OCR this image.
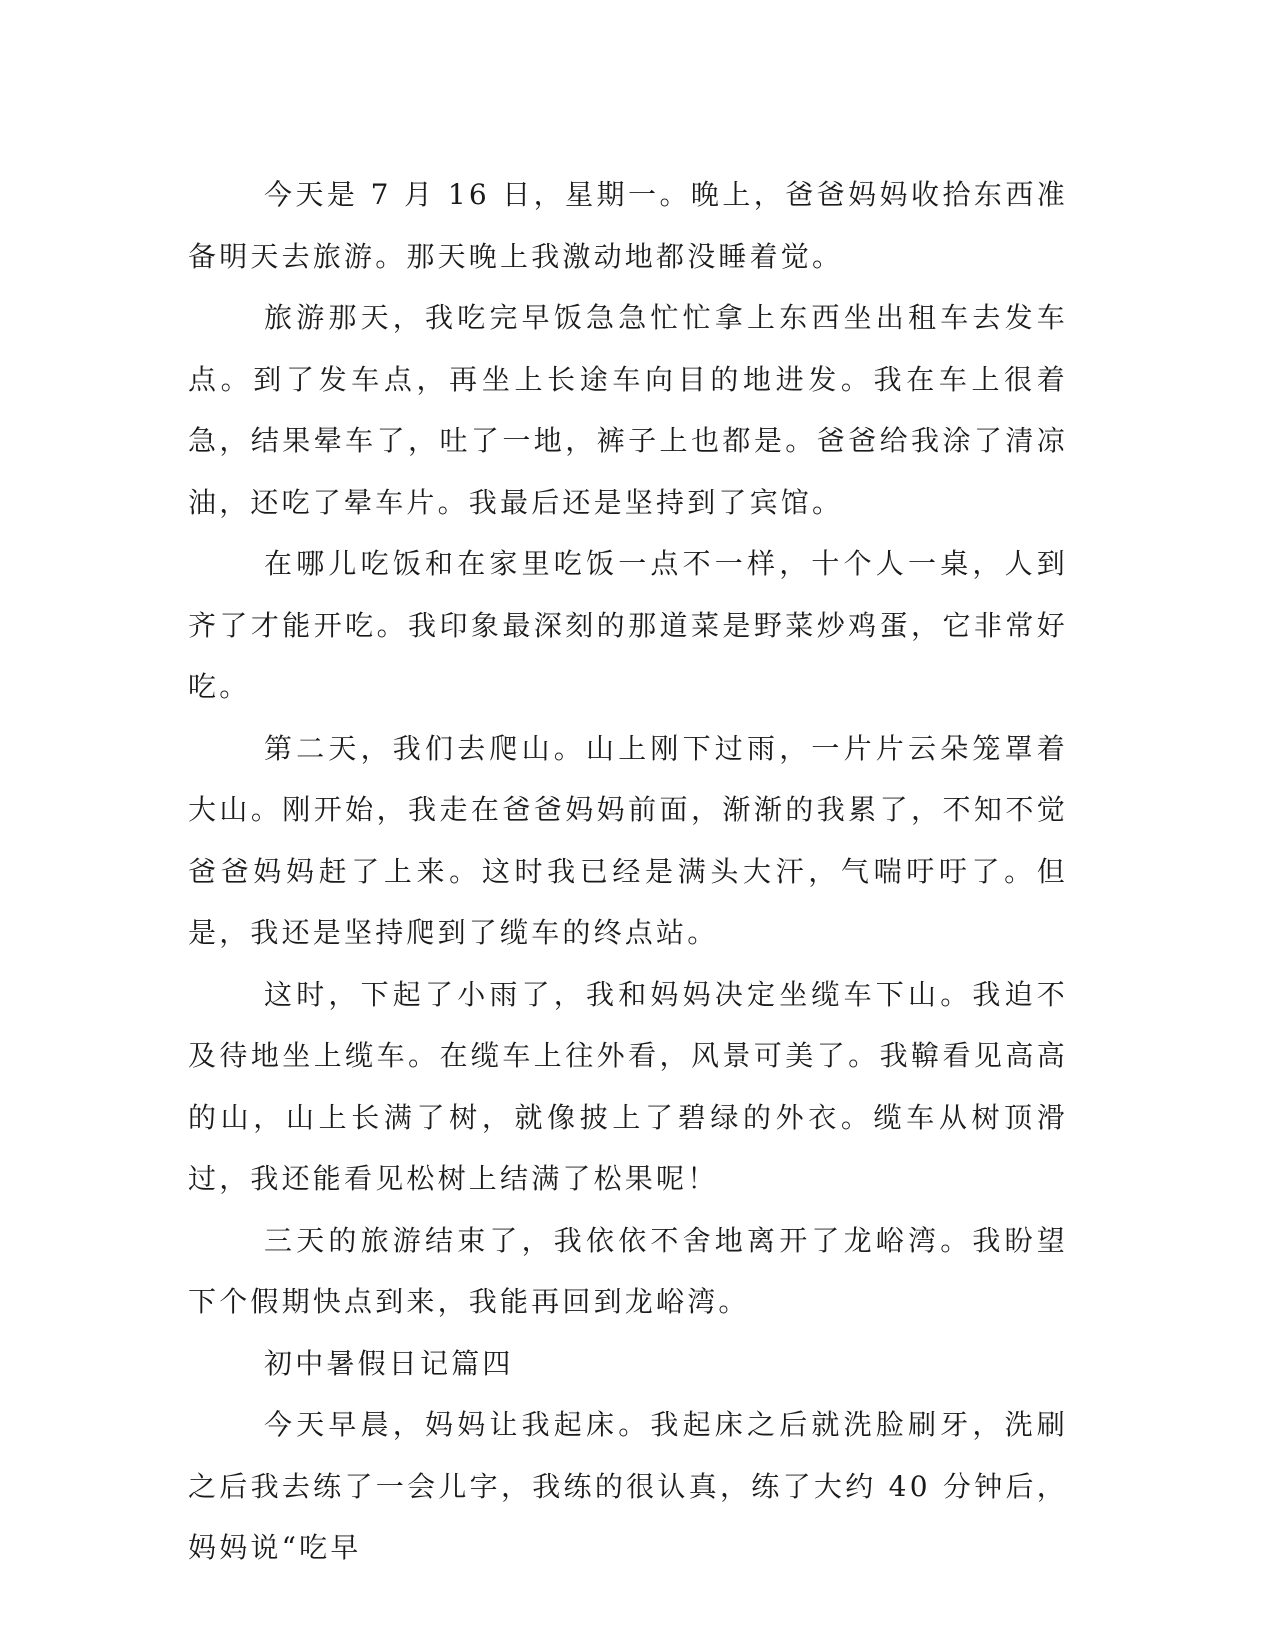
今天是 7 月 16 日，星期一。晚上，爸爸妈妈收拾东西准备明天去旅游。那天晚上我激动地都没睡着觉。

旅游那天，我吃完早饭急急忙忙拿上东西坐出租车去发车点。到了发车点，再坐上长途车向目的地进发。我在车上很着急，结果晕车了，吐了一地，裤子上也都是。爸爸给我涂了清凉油，还吃了晕车片。我最后还是坚持到了宾馆。

在哪儿吃饭和在家里吃饭一点不一样，十个人一桌，人到齐了才能开吃。我印象最深刻的那道菜是野菜炒鸡蛋，它非常好吃。

第二天，我们去爬山。山上刚下过雨，一片片云朵笼罩着大山。刚开始，我走在爸爸妈妈前面，渐渐的我累了，不知不觉爸爸妈妈赶了上来。这时我已经是满头大汗，气喘吁吁了。但是，我还是坚持爬到了缆车的终点站。

这时，下起了小雨了，我和妈妈决定坐缆车下山。我迫不及待地坐上缆车。在缆车上往外看，风景可美了。我鞥看见高高的山，山上长满了树，就像披上了碧绿的外衣。缆车从树顶滑过，我还能看见松树上结满了松果呢！

三天的旅游结束了，我依依不舍地离开了龙峪湾。我盼望下个假期快点到来，我能再回到龙峪湾。

初中暑假日记篇四

今天早晨，妈妈让我起床。我起床之后就洗脸刷牙，洗刷之后我去练了一会儿字，我练的很认真，练了大约 40 分钟后，妈妈说“吃早
